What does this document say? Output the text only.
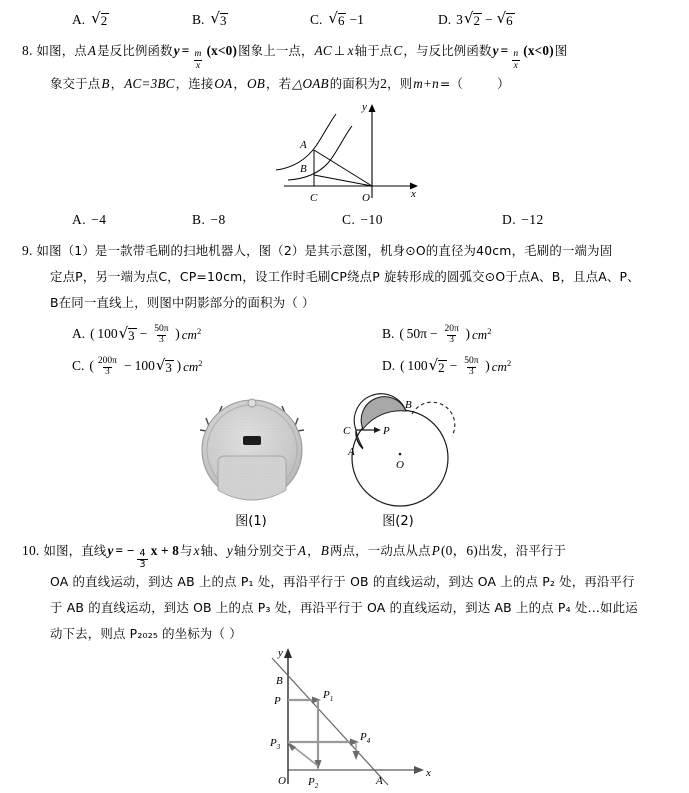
A. √ 2	B. √ 3	C. √ 6 −1	D. 3 √ 2 − √ 6
8. 如图，点 A 是反比例函数 $y = \frac{m}{x} (x<0)$ 图象上一点， AC ⊥ x 轴于点 C ，与反比例函数 $y = \frac{n}{x} (x<0)$ 图
象交于点 B ， AC=3BC ，连接 OA ， OB ，若 △OAB 的面积为 2 ，则 m+n =（	）
A
B
C	O	x
y
A. −4	B. −8	C. −10	D. −12
9. 如图（1）是一款带毛刷的扫地机器人，图（2）是其示意图，机身⊙O的直径为40cm，毛刷的一端为固
定点P，另一端为点C，CP=10cm，设工作时毛刷CP绕点P 旋转形成的圆弧交⊙O于点A、B，且点A、P、
B在同一直线上，则图中阴影部分的面积为（ ）
A. ( 100 √ $3 - \frac{50\pi}{3}$  ) $cm^2$	B. ( $50\pi - \frac{20\pi}{3}$  ) $cm^2$
C. ( $\frac{200\pi}{3} - 100$ √ 3  ) $cm^2$	D. ( 100 √ $2 - \frac{50\pi}{3}$  ) $cm^2$
图(1)
C	P
A
B
O
图(2)
10. 如图，直线 y = − $\frac{4}{3}$ x + 8 与 x 轴、 y 轴分别交于 A ， B 两点，一动点从点 P (0，6) 出发，沿平行于
OA 的直线运动，到达 AB 上的点 P₁ 处，再沿平行于 OB 的直线运动，到达 OA 上的点 P₂ 处，再沿平行
于 AB 的直线运动，到达 OB 上的点 P₃ 处，再沿平行于 OA 的直线运动，到达 AB 上的点 P₄ 处…如此运
动下去，则点 P₂₀₂₅ 的坐标为（ ）
B
P	$P_1$
$P_2$
$P_3$
$P_4$
O	A
x
y
